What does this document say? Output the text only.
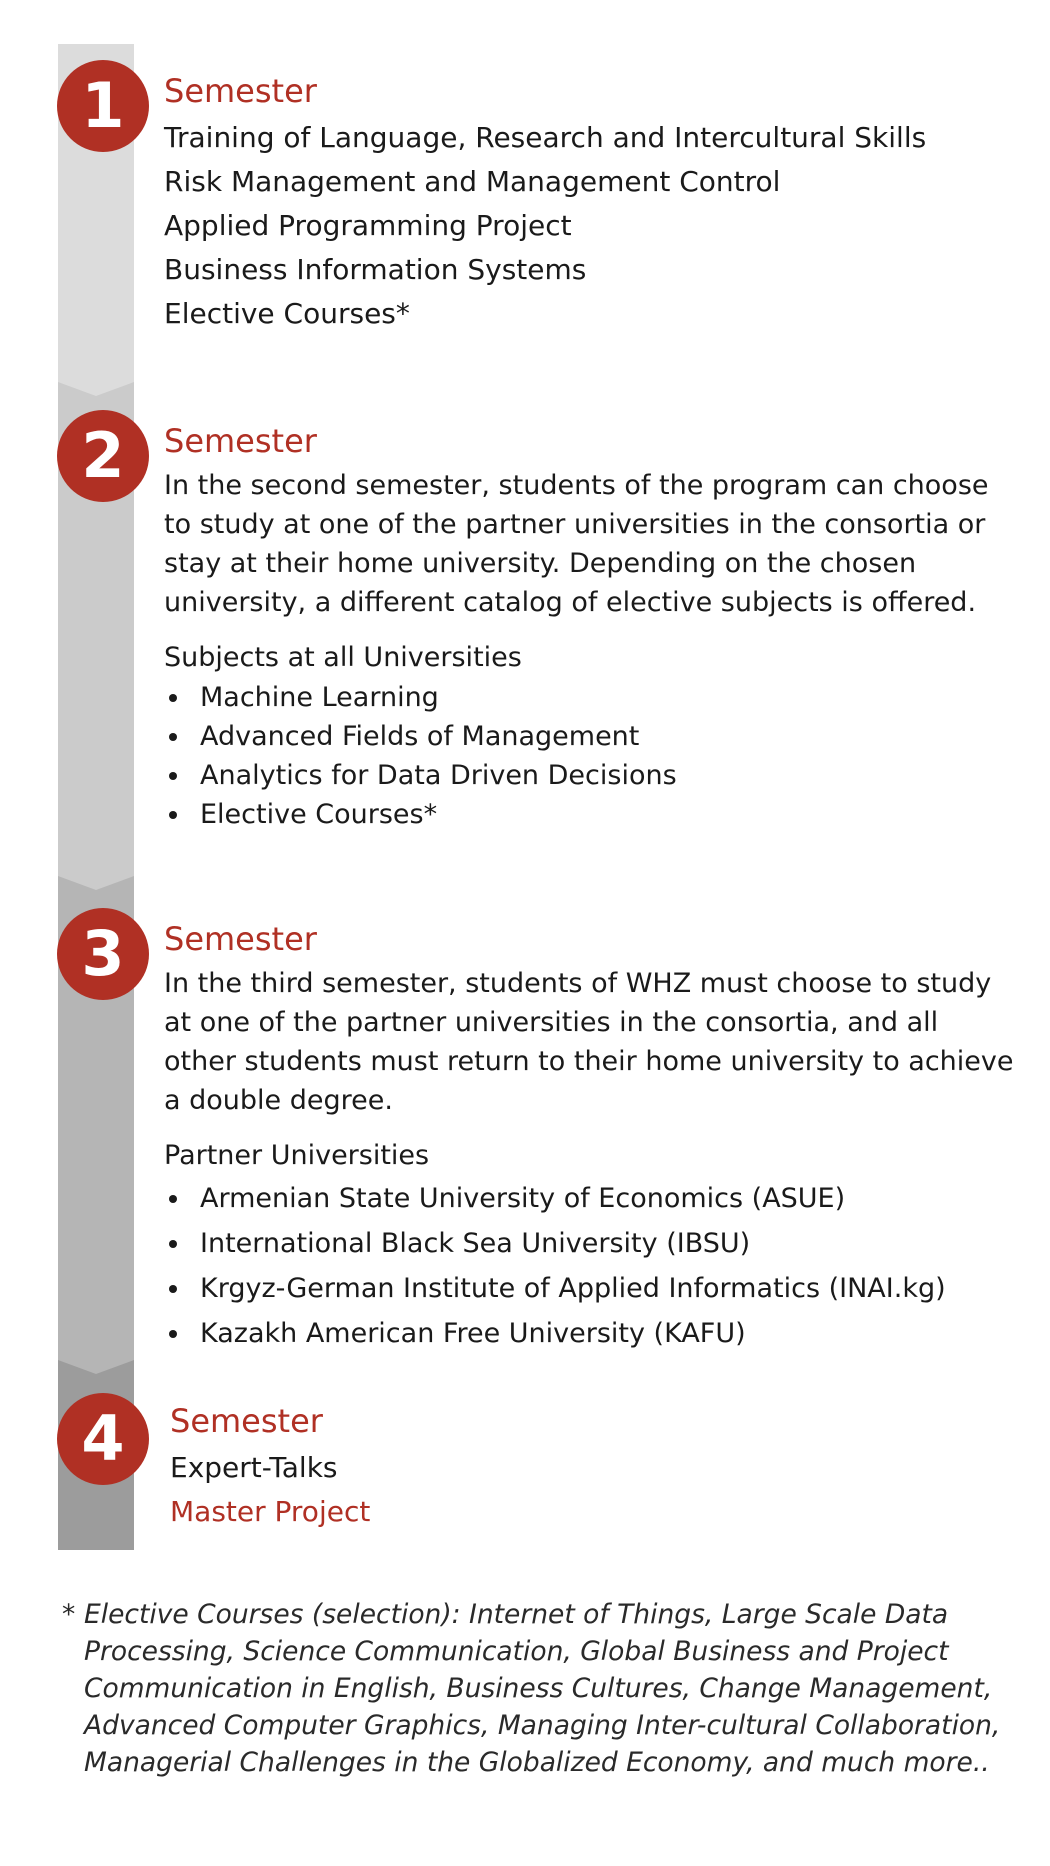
1
2
3
4
Semester
Training of Language, Research and Intercultural Skills
Risk Management and Management Control
Applied Programming Project
Business Information Systems
Elective Courses*
Semester

In the second semester, students of the program can choose to study at one of the partner universities in the consortia or stay at their home university. Depending on the chosen university, a different catalog of elective subjects is offered.

Subjects at all Universities
Machine Learning
Advanced Fields of Management
Analytics for Data Driven Decisions
Elective Courses*
Semester

In the third semester, students of WHZ must choose to study at one of the partner universities in the consortia, and all other students must return to their home university to achieve a double degree.

Partner Universities
Armenian State University of Economics (ASUE)
International Black Sea University (IBSU)
Krgyz-German Institute of Applied Informatics (INAI.kg)
Kazakh American Free University (KAFU)
Semester
Expert-Talks
Master Project
* Elective Courses (selection): Internet of Things, Large Scale Data Processing, Science Communication, Global Business and Project Communication in English, Business Cultures, Change Management, Advanced Computer Graphics, Managing Inter-cultural Collaboration, Managerial Challenges in the Globalized Economy, and much more..
